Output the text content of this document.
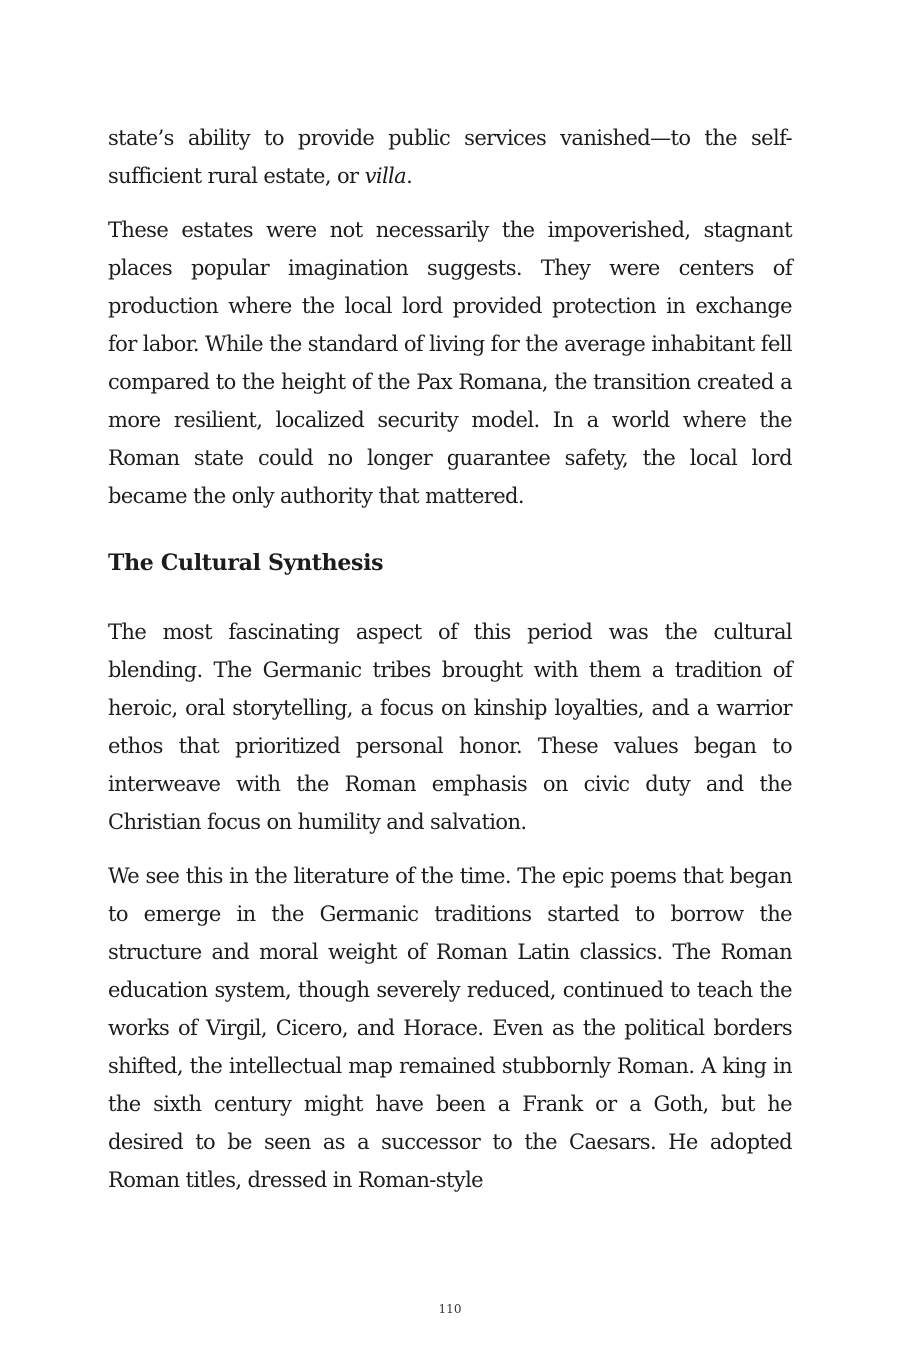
state’s ability to provide public services vanished—to the self-sufficient rural estate, or villa.

These estates were not necessarily the impoverished, stagnant places popular imagination suggests. They were centers of production where the local lord provided protection in exchange for labor. While the standard of living for the average inhabitant fell compared to the height of the Pax Romana, the transition created a more resilient, localized security model. In a world where the Roman state could no longer guarantee safety, the local lord became the only authority that mattered.

The Cultural Synthesis

The most fascinating aspect of this period was the cultural blending. The Germanic tribes brought with them a tradition of heroic, oral storytelling, a focus on kinship loyalties, and a warrior ethos that prioritized personal honor. These values began to interweave with the Roman emphasis on civic duty and the Christian focus on humility and salvation.

We see this in the literature of the time. The epic poems that began to emerge in the Germanic traditions started to borrow the structure and moral weight of Roman Latin classics. The Roman education system, though severely reduced, continued to teach the works of Virgil, Cicero, and Horace. Even as the political borders shifted, the intellectual map remained stubbornly Roman. A king in the sixth century might have been a Frank or a Goth, but he desired to be seen as a successor to the Caesars. He adopted Roman titles, dressed in Roman-style

110
